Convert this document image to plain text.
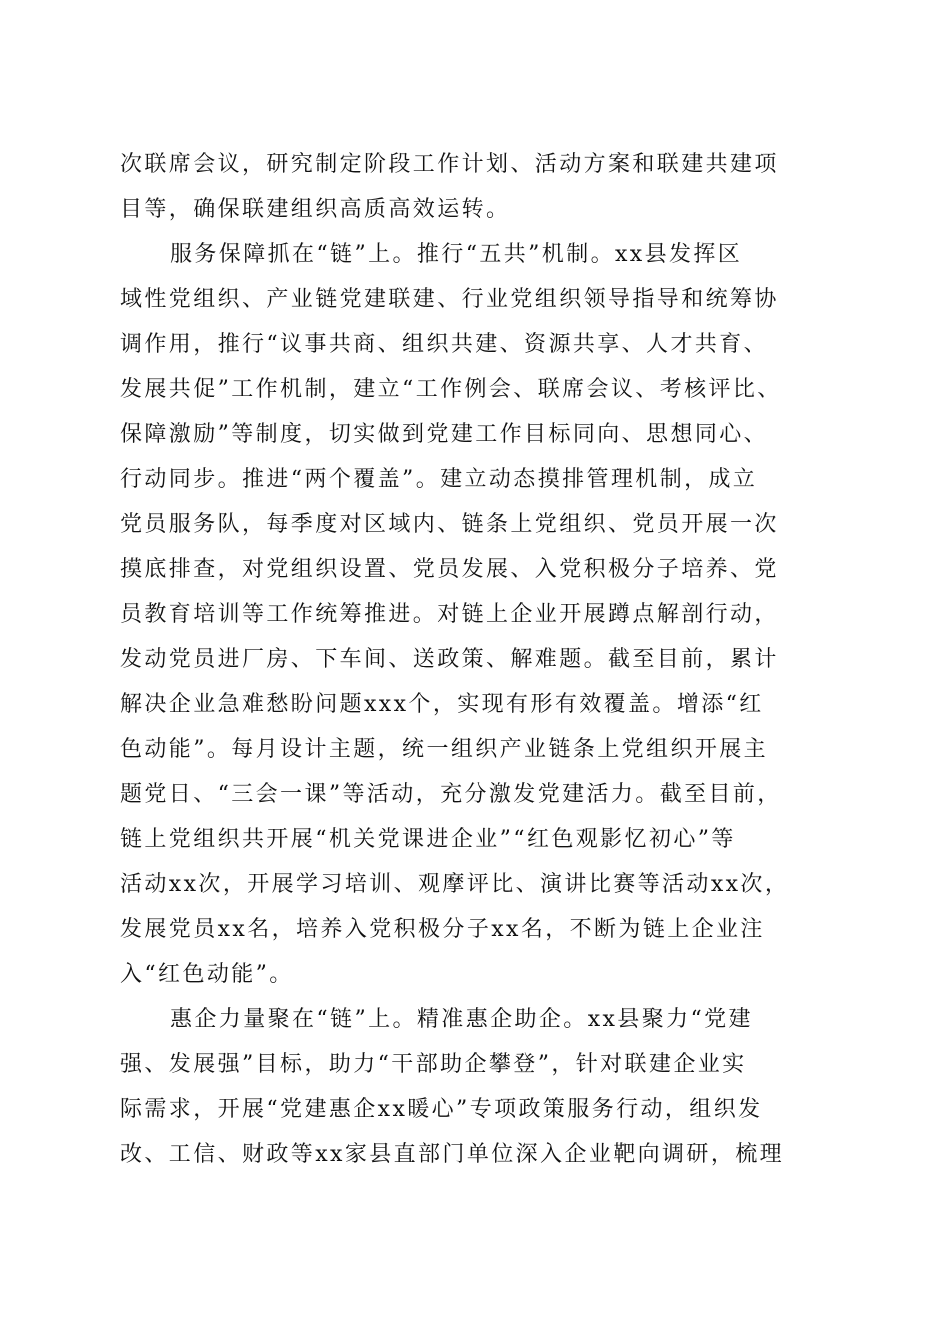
次联席会议，研究制定阶段工作计划、活动方案和联建共建项
目等，确保联建组织高质高效运转。
服务保障抓在“链”上。推行“五共”机制。xx县发挥区
域性党组织、产业链党建联建、行业党组织领导指导和统筹协
调作用，推行“议事共商、组织共建、资源共享、人才共育、
发展共促”工作机制，建立“工作例会、联席会议、考核评比、
保障激励”等制度，切实做到党建工作目标同向、思想同心、
行动同步。推进“两个覆盖”。建立动态摸排管理机制，成立
党员服务队，每季度对区域内、链条上党组织、党员开展一次
摸底排查，对党组织设置、党员发展、入党积极分子培养、党
员教育培训等工作统筹推进。对链上企业开展蹲点解剖行动，
发动党员进厂房、下车间、送政策、解难题。截至目前，累计
解决企业急难愁盼问题xxx个，实现有形有效覆盖。增添“红
色动能”。每月设计主题，统一组织产业链条上党组织开展主
题党日、“三会一课”等活动，充分激发党建活力。截至目前，
链上党组织共开展“机关党课进企业”“红色观影忆初心”等
活动xx次，开展学习培训、观摩评比、演讲比赛等活动xx次，
发展党员xx名，培养入党积极分子xx名，不断为链上企业注
入“红色动能”。
惠企力量聚在“链”上。精准惠企助企。xx县聚力“党建
强、发展强”目标，助力“干部助企攀登”，针对联建企业实
际需求，开展“党建惠企xx暖心”专项政策服务行动，组织发
改、工信、财政等xx家县直部门单位深入企业靶向调研，梳理
